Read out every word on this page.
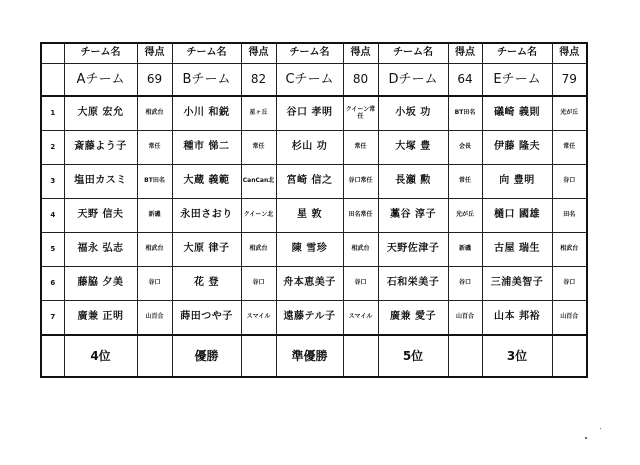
	チーム名	得点	チーム名	得点	チーム名	得点	チーム名	得点	チーム名	得点
	Aチーム	69	Bチーム	82	Cチーム	80	Dチーム	64	Eチーム	79
1	大原 宏允	相武台	小川 和鋭	星ヶ丘	谷口 孝明	クイーン常任	小坂 功	BT田名	礒崎 義則	光が丘
2	斎藤よう子	常任	種市 悌二	常任	杉山 功	常任	大塚 豊	会長	伊藤 隆夫	常任
3	塩田カスミ	BT田名	大蔵 義範	CanCan北	宮崎 信之	谷口常任	長瀬 勲	常任	向 豊明	谷口
4	天野 信夫	新磯	永田さおり	クイーン北	星 敦	田名常任	藁谷 淳子	光が丘	樋口 國雄	田名
5	福永 弘志	相武台	大原 律子	相武台	陳 雪珍	相武台	天野佐津子	新磯	古屋 瑞生	相武台
6	藤脇 夕美	谷口	花 登	谷口	舟本恵美子	谷口	石和栄美子	谷口	三浦美智子	谷口
7	廣兼 正明	山百合	蒔田つや子	スマイル	遠藤テル子	スマイル	廣兼 愛子	山百合	山本 邦裕	山百合
	4位		優勝		準優勝		5位		3位	
